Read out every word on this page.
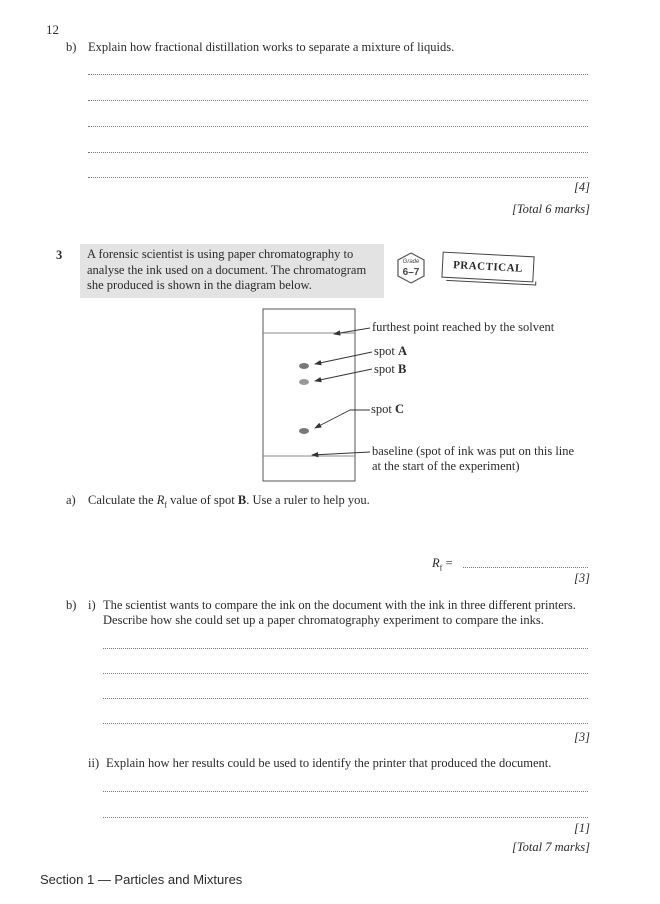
12
b) Explain how fractional distillation works to separate a mixture of liquids.
[4]
[Total 6 marks]
3 A forensic scientist is using paper chromatography to
analyse the ink used on a document. The chromatogram
she produced is shown in the diagram below.
Grade
6–7	PRACTICAL
furthest point reached by the solvent
spot A
spot B
spot C
baseline (spot of ink was put on this line
at the start of the experiment)
a) Calculate the $R_f$ value of spot B. Use a ruler to help you.
$R_f$ =
[3]
b) i) The scientist wants to compare the ink on the document with the ink in three different printers.
Describe how she could set up a paper chromatography experiment to compare the inks.
[3]
ii) Explain how her results could be used to identify the printer that produced the document.
[1]
[Total 7 marks]
Section 1 — Particles and Mixtures
